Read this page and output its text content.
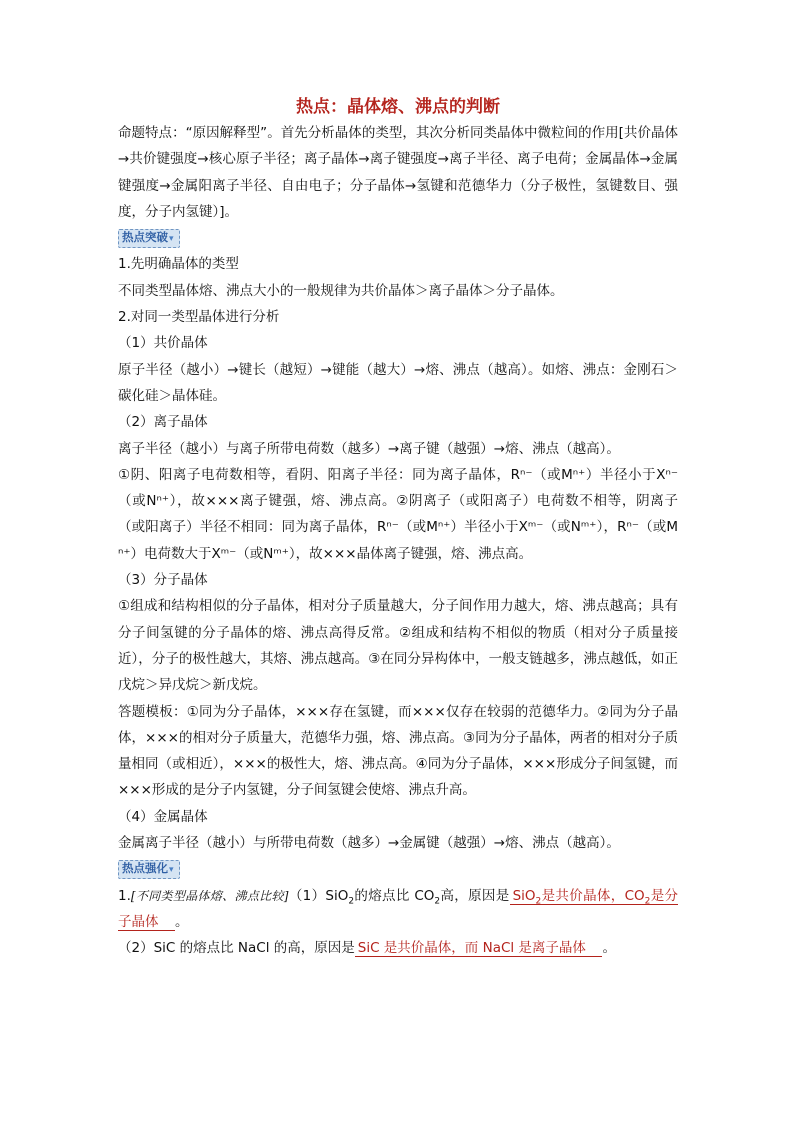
热点：晶体熔、沸点的判断
命题特点：“原因解释型”。首先分析晶体的类型，其次分析同类晶体中微粒间的作用[共价晶体→共价键强度→核心原子半径；离子晶体→离子键强度→离子半径、离子电荷；金属晶体→金属键强度→金属阳离子半径、自由电子；分子晶体→氢键和范德华力（分子极性，氢键数目、强度，分子内氢键）]。
热点突破▾
1.先明确晶体的类型
不同类型晶体熔、沸点大小的一般规律为共价晶体＞离子晶体＞分子晶体。
2.对同一类型晶体进行分析
（1）共价晶体
原子半径（越小）→键长（越短）→键能（越大）→熔、沸点（越高）。如熔、沸点：金刚石＞碳化硅＞晶体硅。
（2）离子晶体
离子半径（越小）与离子所带电荷数（越多）→离子键（越强）→熔、沸点（越高）。
①阴、阳离子电荷数相等，看阴、阳离子半径：同为离子晶体，Rⁿ⁻（或Mⁿ⁺）半径小于Xⁿ⁻（或Nⁿ⁺），故×××离子键强，熔、沸点高。②阴离子（或阳离子）电荷数不相等，阴离子（或阳离子）半径不相同：同为离子晶体，Rⁿ⁻（或Mⁿ⁺）半径小于Xᵐ⁻（或Nᵐ⁺），Rⁿ⁻（或Mⁿ⁺）电荷数大于Xᵐ⁻（或Nᵐ⁺），故×××晶体离子键强，熔、沸点高。
（3）分子晶体
①组成和结构相似的分子晶体，相对分子质量越大，分子间作用力越大，熔、沸点越高；具有分子间氢键的分子晶体的熔、沸点高得反常。②组成和结构不相似的物质（相对分子质量接近），分子的极性越大，其熔、沸点越高。③在同分异构体中，一般支链越多，沸点越低，如正戊烷＞异戊烷＞新戊烷。
答题模板：①同为分子晶体，×××存在氢键，而×××仅存在较弱的范德华力。②同为分子晶体，×××的相对分子质量大，范德华力强，熔、沸点高。③同为分子晶体，两者的相对分子质量相同（或相近），×××的极性大，熔、沸点高。④同为分子晶体，×××形成分子间氢键，而×××形成的是分子内氢键，分子间氢键会使熔、沸点升高。
（4）金属晶体
金属离子半径（越小）与所带电荷数（越多）→金属键（越强）→熔、沸点（越高）。
热点强化▾
1.[不同类型晶体熔、沸点比较]（1）SiO$_2$的熔点比 $CO_2$高，原因是 SiO$_2$是共价晶体，$CO_2$是分子晶体　 。
（2）SiC 的熔点比 NaCl 的高，原因是 SiC 是共价晶体，而 NaCl 是离子晶体　 。
